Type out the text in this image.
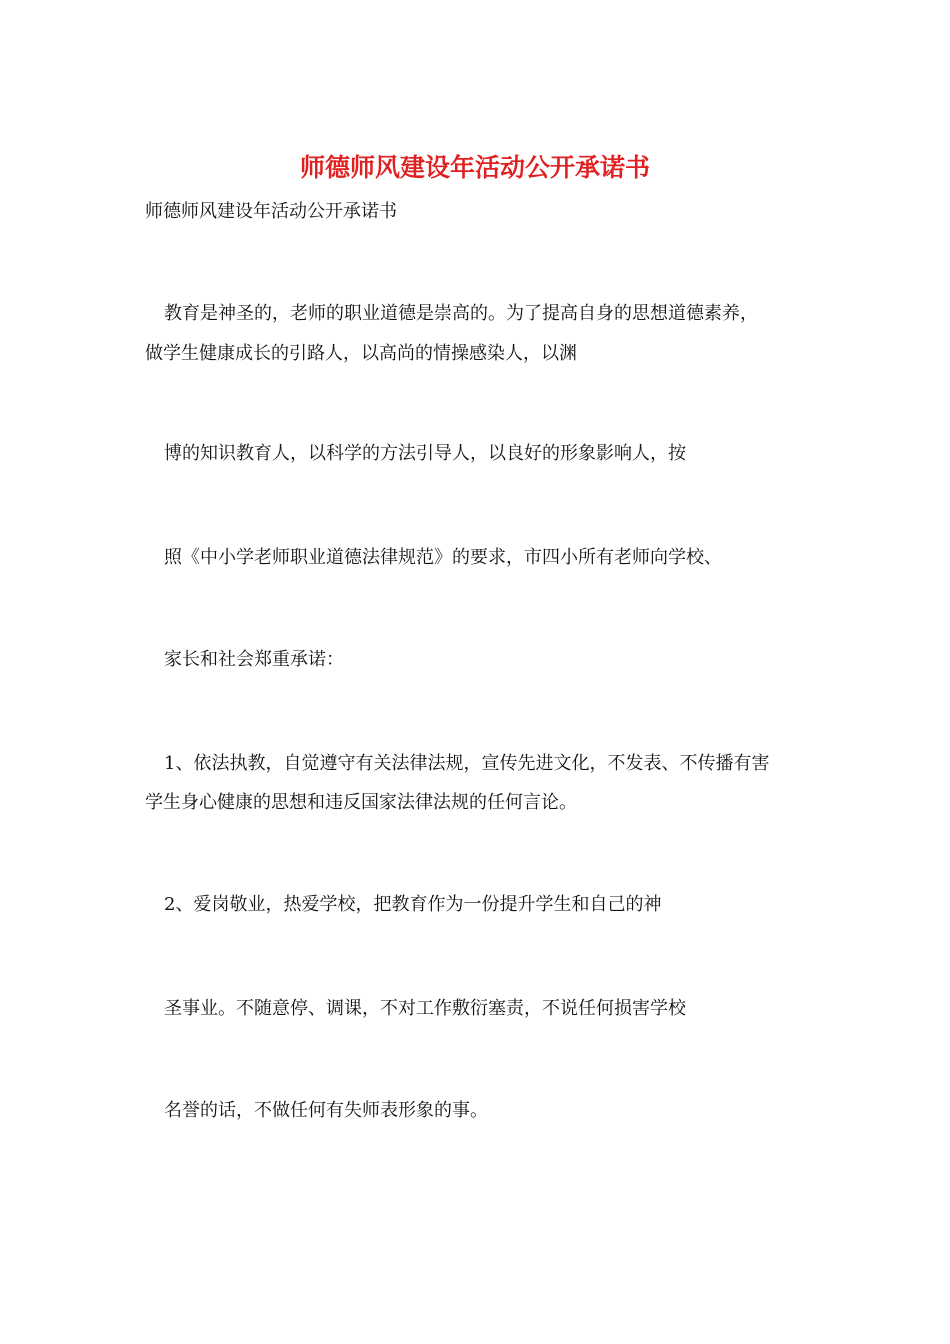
师德师风建设年活动公开承诺书
师德师风建设年活动公开承诺书
教育是神圣的，老师的职业道德是崇高的。为了提高自身的思想道德素养，
做学生健康成长的引路人，以高尚的情操感染人，以渊
博的知识教育人，以科学的方法引导人，以良好的形象影响人，按
照《中小学老师职业道德法律规范》的要求，市四小所有老师向学校、
家长和社会郑重承诺：
1、依法执教，自觉遵守有关法律法规，宣传先进文化，不发表、不传播有害
学生身心健康的思想和违反国家法律法规的任何言论。
2、爱岗敬业，热爱学校，把教育作为一份提升学生和自己的神
圣事业。不随意停、调课，不对工作敷衍塞责，不说任何损害学校
名誉的话，不做任何有失师表形象的事。
